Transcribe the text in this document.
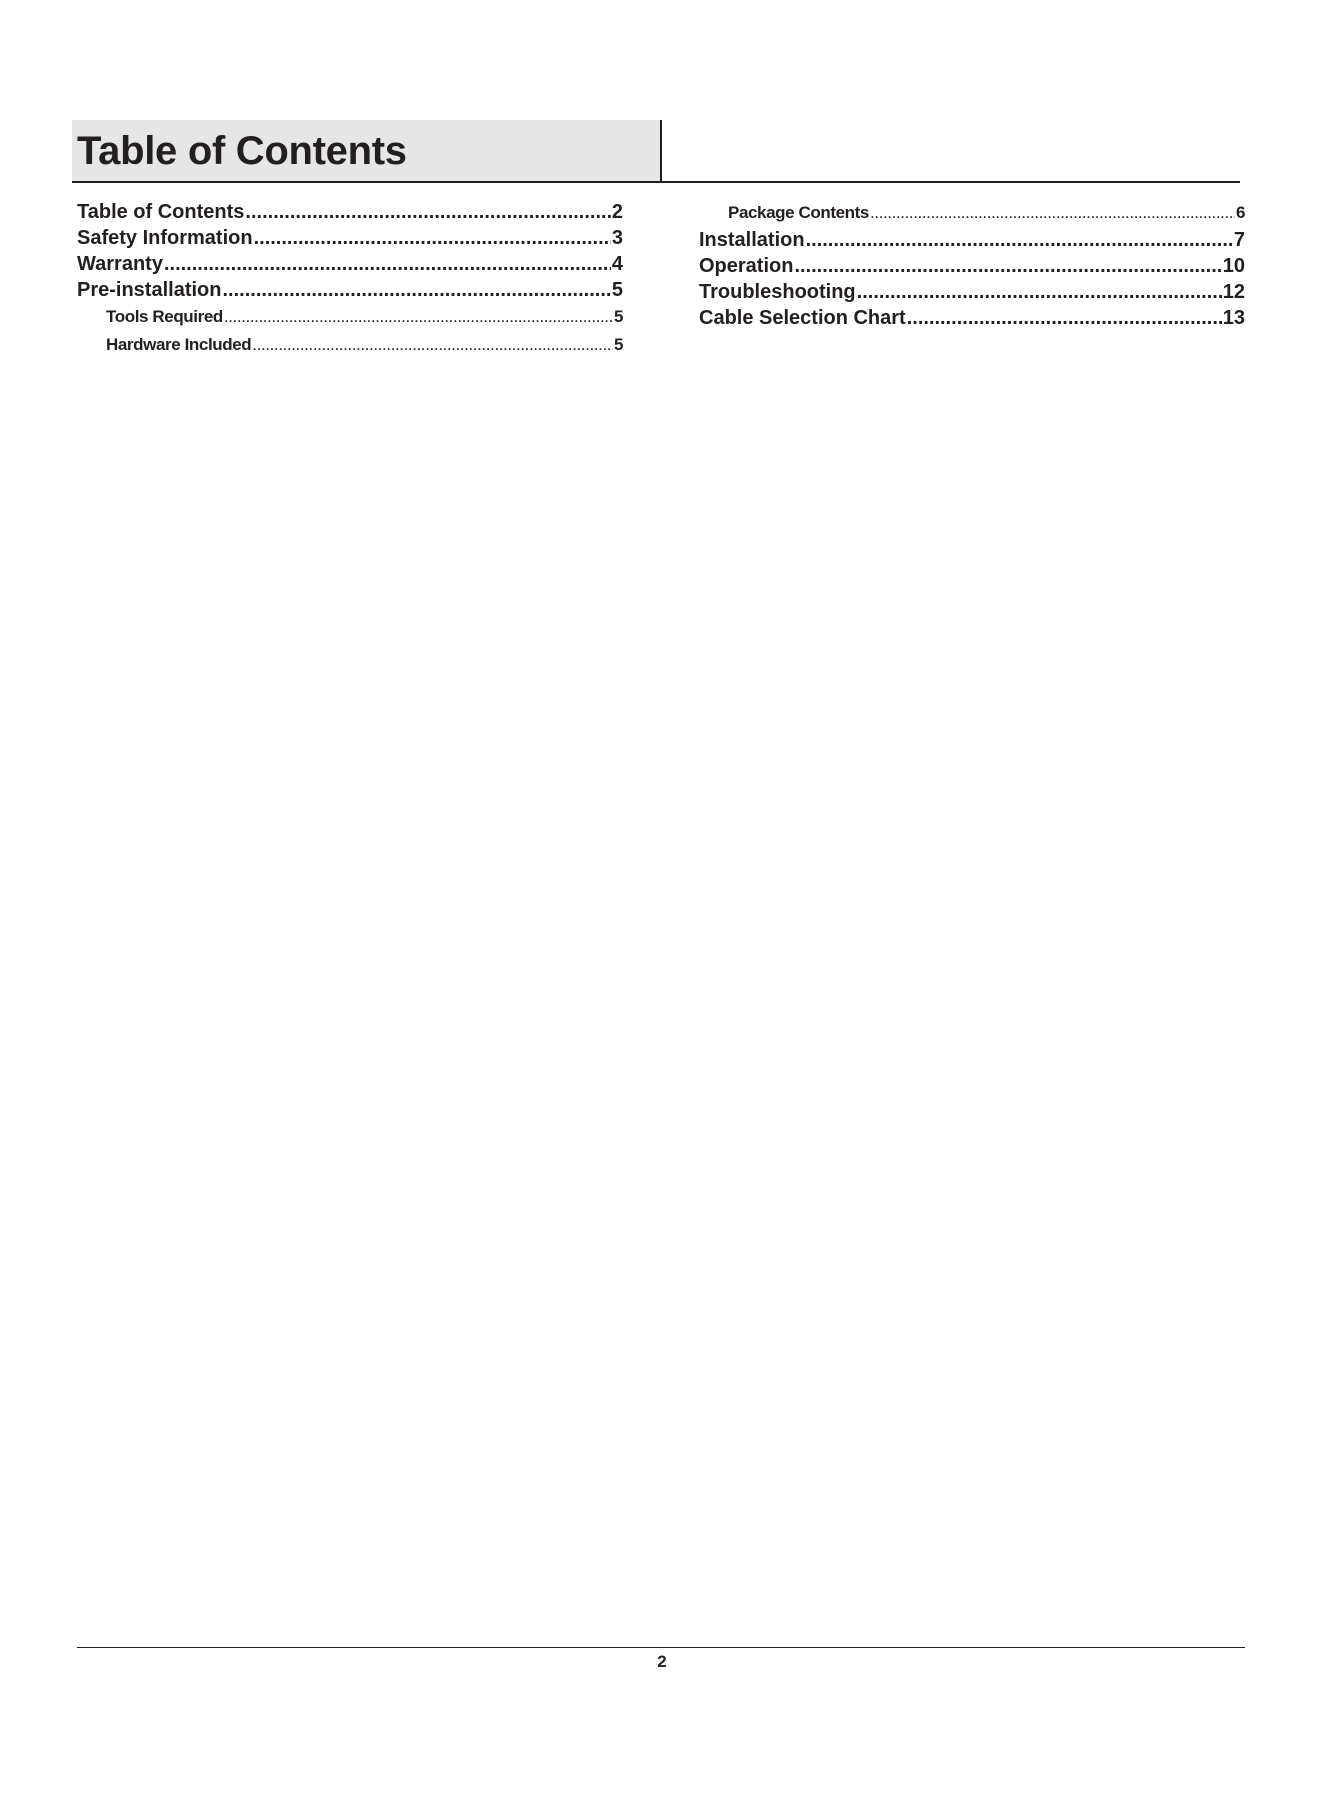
Table of Contents
Table of Contents .....	2
Safety Information .....	3
Warranty .....	4
Pre-installation .....	5
Tools Required .....	5
Hardware Included .....	5
Package Contents .....	6
Installation .....	7
Operation .....	10
Troubleshooting .....	12
Cable Selection Chart .....	13
2
